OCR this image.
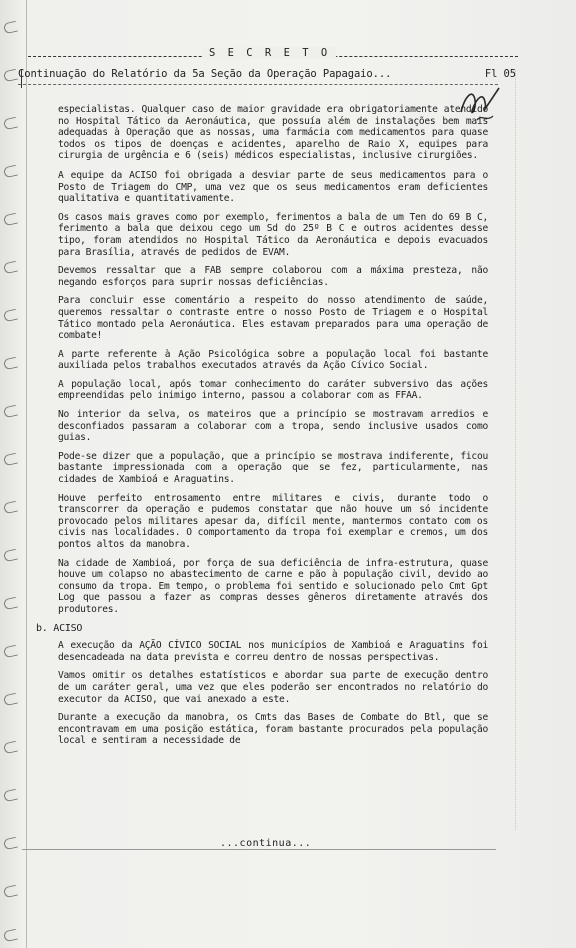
S E C R E T O
Continuação do Relatório da 5a Seção da Operação Papagaio...	Fl 05

especialistas. Qualquer caso de maior gravidade era obrigatoriamente atendido no Hospital Tático da Aeronáutica, que possuía além de instalações bem mais adequadas à Operação que as nossas, uma farmácia com medicamentos para quase todos os tipos de doenças e acidentes, aparelho de Raio X, equipes para cirurgia de urgência e 6 (seis) médicos especialistas, inclusive cirurgiões.

A equipe da ACISO foi obrigada a desviar parte de seus medicamentos para o Posto de Triagem do CMP, uma vez que os seus medicamentos eram deficientes qualitativa e quantitativamente.

Os casos mais graves como por exemplo, ferimentos a bala de um Ten do 69 B C, ferimento a bala que deixou cego um Sd do 25º B C e outros acidentes desse tipo, foram atendidos no Hospital Tático da Aeronáutica e depois evacuados para Brasília, através de pedidos de EVAM.

Devemos ressaltar que a FAB sempre colaborou com a máxima presteza, não negando esforços para suprir nossas deficiências.

Para concluir esse comentário a respeito do nosso atendimento de saúde, queremos ressaltar o contraste entre o nosso Posto de Triagem e o Hospital Tático montado pela Aeronáutica. Eles estavam preparados para uma operação de combate!

A parte referente à Ação Psicológica sobre a população local foi bastante auxiliada pelos trabalhos executados através da Ação Cívico Social.

A população local, após tomar conhecimento do caráter subversivo das ações empreendidas pelo inimigo interno, passou a colaborar com as FFAA.

No interior da selva, os mateiros que a princípio se mostravam arredios e desconfiados passaram a colaborar com a tropa, sendo inclusive usados como guias.

Pode-se dizer que a população, que a princípio se mostrava indiferente, ficou bastante impressionada com a operação que se fez, particularmente, nas cidades de Xambioá e Araguatins.

Houve perfeito entrosamento entre militares e civis, durante todo o transcorrer da operação e pudemos constatar que não houve um só incidente provocado pelos militares apesar da, difícil mente, mantermos contato com os civis nas localidades. O comportamento da tropa foi exemplar e cremos, um dos pontos altos da manobra.

Na cidade de Xambioá, por força de sua deficiência de infra-estrutura, quase houve um colapso no abastecimento de carne e pão à população civil, devido ao consumo da tropa. Em tempo, o problema foi sentido e solucionado pelo Cmt Gpt Log que passou a fazer as compras desses gêneros diretamente através dos produtores.

b. ACISO

A execução da AÇÃO CÍVICO SOCIAL nos municípios de Xambioá e Araguatins foi desencadeada na data prevista e correu dentro de nossas perspectivas.

Vamos omitir os detalhes estatísticos e abordar sua parte de execução dentro de um caráter geral, uma vez que eles poderão ser encontrados no relatório do executor da ACISO, que vai anexado a este.

Durante a execução da manobra, os Cmts das Bases de Combate do Btl, que se encontravam em uma posição estática, foram bastante procurados pela população local e sentiram a necessidade de

...continua...
